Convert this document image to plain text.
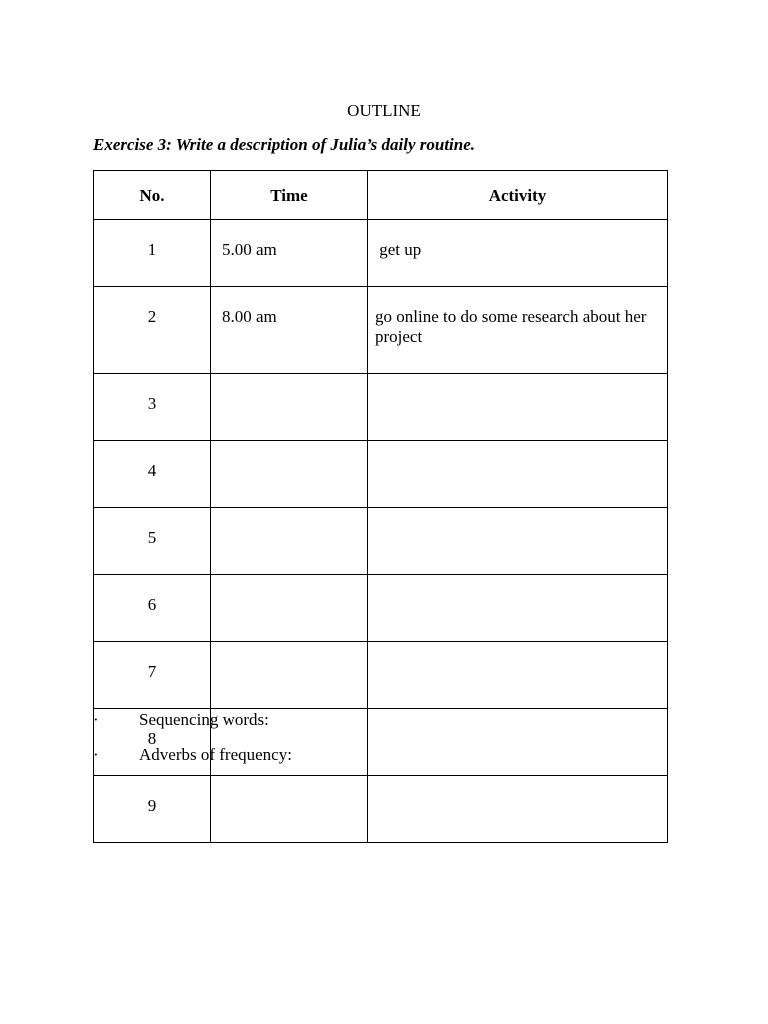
OUTLINE
Exercise 3: Write a description of Julia’s daily routine.
No.	Time	Activity
1	5.00 am	get up
2	8.00 am	go online to do some research about her project
3		
4		
5		
6		
7		
8		
9		
·	Sequencing words:
·	Adverbs of frequency:
